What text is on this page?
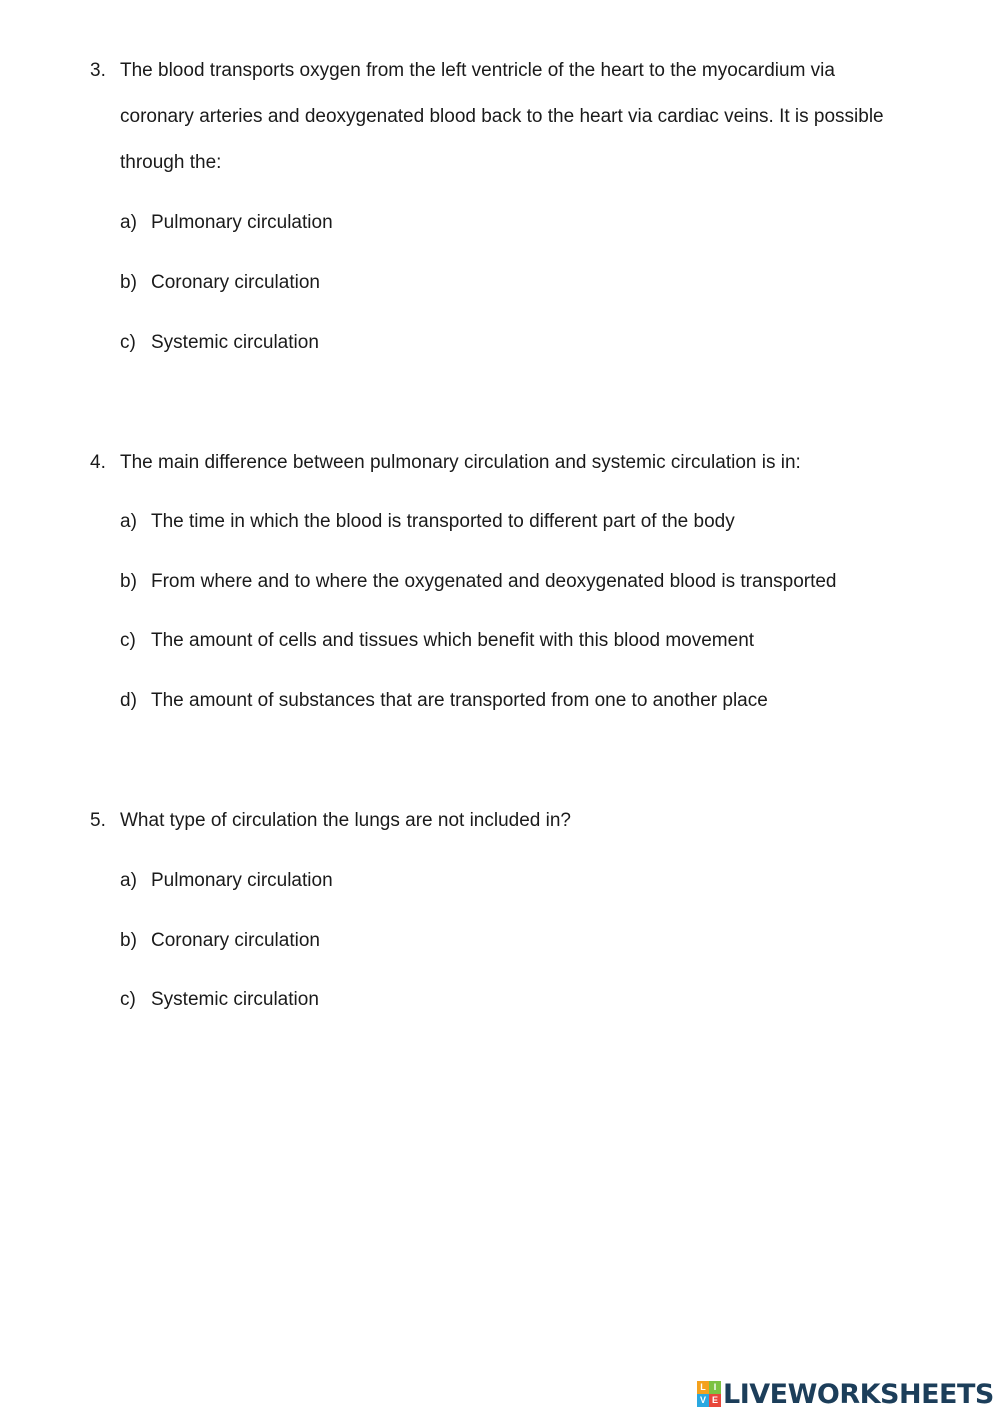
3. The blood transports oxygen from the left ventricle of the heart to the myocardium via
coronary arteries and deoxygenated blood back to the heart via cardiac veins. It is possible
through the:
a) Pulmonary circulation
b) Coronary circulation
c) Systemic circulation
4. The main difference between pulmonary circulation and systemic circulation is in:
a) The time in which the blood is transported to different part of the body
b) From where and to where the oxygenated and deoxygenated blood is transported
c) The amount of cells and tissues which benefit with this blood movement
d) The amount of substances that are transported from one to another place
5. What type of circulation the lungs are not included in?
a) Pulmonary circulation
b) Coronary circulation
c) Systemic circulation
L I
V E LIVEWORKSHEETS
